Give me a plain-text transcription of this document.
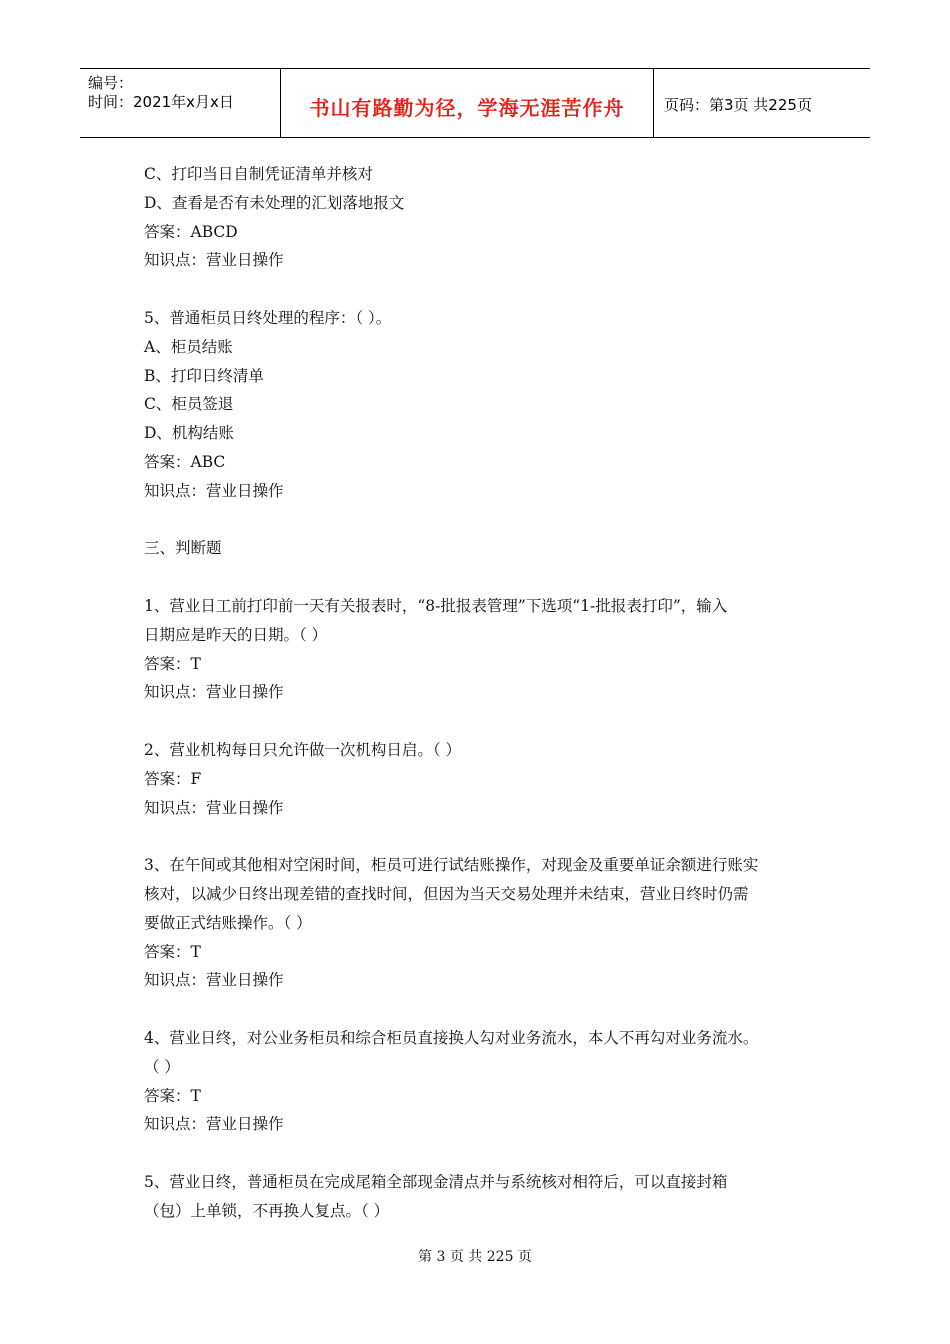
编号：
时间：2021年x月x日	书山有路勤为径，学海无涯苦作舟	页码：第3页 共225页
C、打印当日自制凭证清单并核对
D、查看是否有未处理的汇划落地报文
答案：ABCD
知识点：营业日操作
5、普通柜员日终处理的程序：（ ）。
A、柜员结账
B、打印日终清单
C、柜员签退
D、机构结账
答案：ABC
知识点：营业日操作
三、判断题
1、营业日工前打印前一天有关报表时，“8-批报表管理”下选项“1-批报表打印”，输入
日期应是昨天的日期。（ ）
答案：T
知识点：营业日操作
2、营业机构每日只允许做一次机构日启。（ ）
答案：F
知识点：营业日操作
3、在午间或其他相对空闲时间，柜员可进行试结账操作，对现金及重要单证余额进行账实
核对，以减少日终出现差错的查找时间，但因为当天交易处理并未结束，营业日终时仍需
要做正式结账操作。（ ）
答案：T
知识点：营业日操作
4、营业日终，对公业务柜员和综合柜员直接换人勾对业务流水，本人不再勾对业务流水。
（ ）
答案：T
知识点：营业日操作
5、营业日终，普通柜员在完成尾箱全部现金清点并与系统核对相符后，可以直接封箱
（包）上单锁，不再换人复点。（ ）
第 3 页 共 225 页
